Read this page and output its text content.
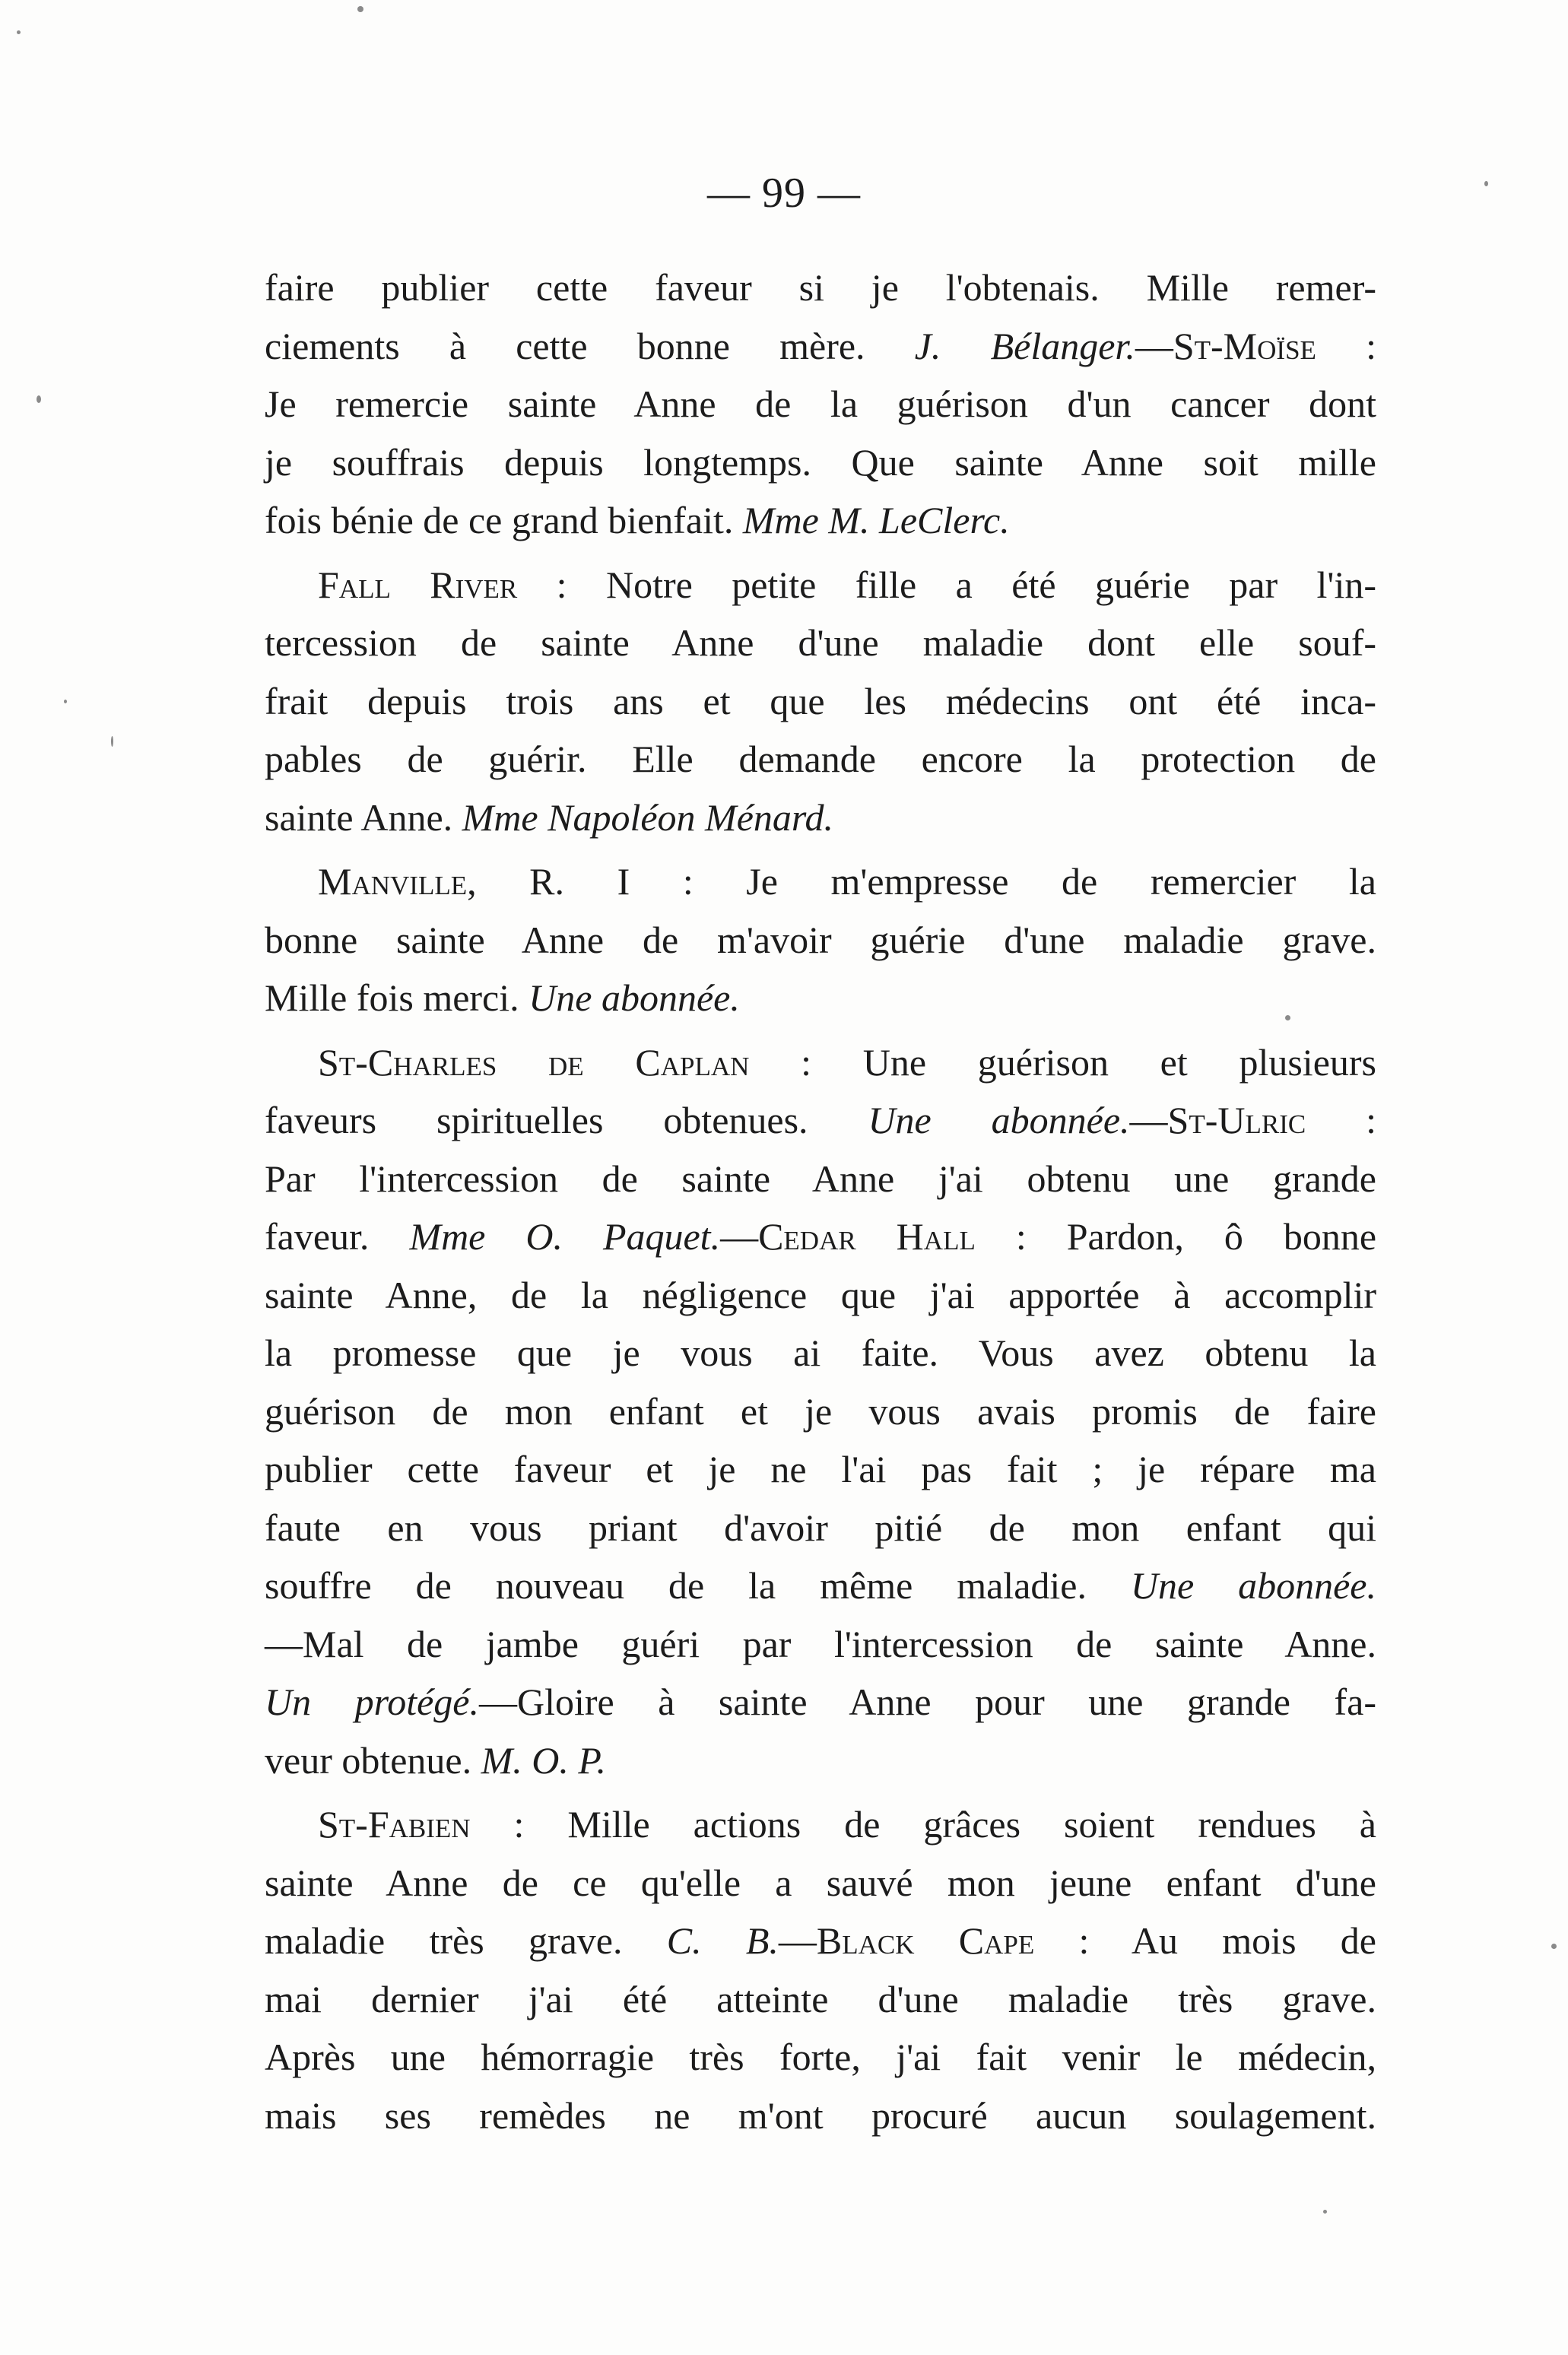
— 99 —
faire publier cette faveur si je l'obtenais. Mille remer-
ciements à cette bonne mère. J. Bélanger.—St-Moïse :
Je remercie sainte Anne de la guérison d'un cancer dont
je souffrais depuis longtemps. Que sainte Anne soit mille
fois bénie de ce grand bienfait. Mme M. LeClerc.
Fall River : Notre petite fille a été guérie par l'in-
tercession de sainte Anne d'une maladie dont elle souf-
frait depuis trois ans et que les médecins ont été inca-
pables de guérir. Elle demande encore la protection de
sainte Anne. Mme Napoléon Ménard.
Manville, R. I : Je m'empresse de remercier la
bonne sainte Anne de m'avoir guérie d'une maladie grave.
Mille fois merci. Une abonnée.
St-Charles de Caplan : Une guérison et plusieurs
faveurs spirituelles obtenues. Une abonnée.—St-Ulric :
Par l'intercession de sainte Anne j'ai obtenu une grande
faveur. Mme O. Paquet.—Cedar Hall : Pardon, ô bonne
sainte Anne, de la négligence que j'ai apportée à accomplir
la promesse que je vous ai faite. Vous avez obtenu la
guérison de mon enfant et je vous avais promis de faire
publier cette faveur et je ne l'ai pas fait ; je répare ma
faute en vous priant d'avoir pitié de mon enfant qui
souffre de nouveau de la même maladie. Une abonnée.
—Mal de jambe guéri par l'intercession de sainte Anne.
Un protégé.—Gloire à sainte Anne pour une grande fa-
veur obtenue. M. O. P.
St-Fabien : Mille actions de grâces soient rendues à
sainte Anne de ce qu'elle a sauvé mon jeune enfant d'une
maladie très grave. C. B.—Black Cape : Au mois de
mai dernier j'ai été atteinte d'une maladie très grave.
Après une hémorragie très forte, j'ai fait venir le médecin,
mais ses remèdes ne m'ont procuré aucun soulagement.
